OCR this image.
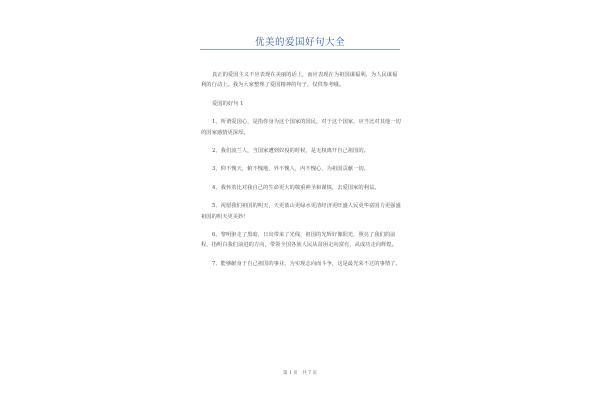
优美的爱国好句大全

真正的爱国主义不应表现在美丽的话上，而应表现在为祖国谋福利，为人民谋福利的行动上。我为大家整理了爱国精神的句子，仅供参考哦。

爱国的好句 1

1、所谓爱国心，是指你身为这个国家的国民，对于这个国家，应当比对其他一切的国家感情更深厚。

2、我们流兰人，当国家遭到奴役的时候，是无权离开自己祖国的。

3、仰不愧天，俯不愧地，外不愧人，内不愧心，为祖国贡献一切。

4、我怀着比对我自己的生命更大的敬重神圣和谨慎，去爱国家的利益。

5、祝愿我们祖国的明天，天更蓝山更绿水更清经济更旺盛人民更华富国力更强盛祖国的明天更美妙！

6、黎明驱走了黑暗，日出带来了光线，祖国的光辉好像阳光，照亮了我们的前程，指明白我们前进的方向，带领全国各族人民从贫困走向富有，从成功走向辉煌。

7、能够献身于自己祖国的事业，为实现志向而斗争，这是最光荣不过的事情了。

第 1 页　共 7 页
